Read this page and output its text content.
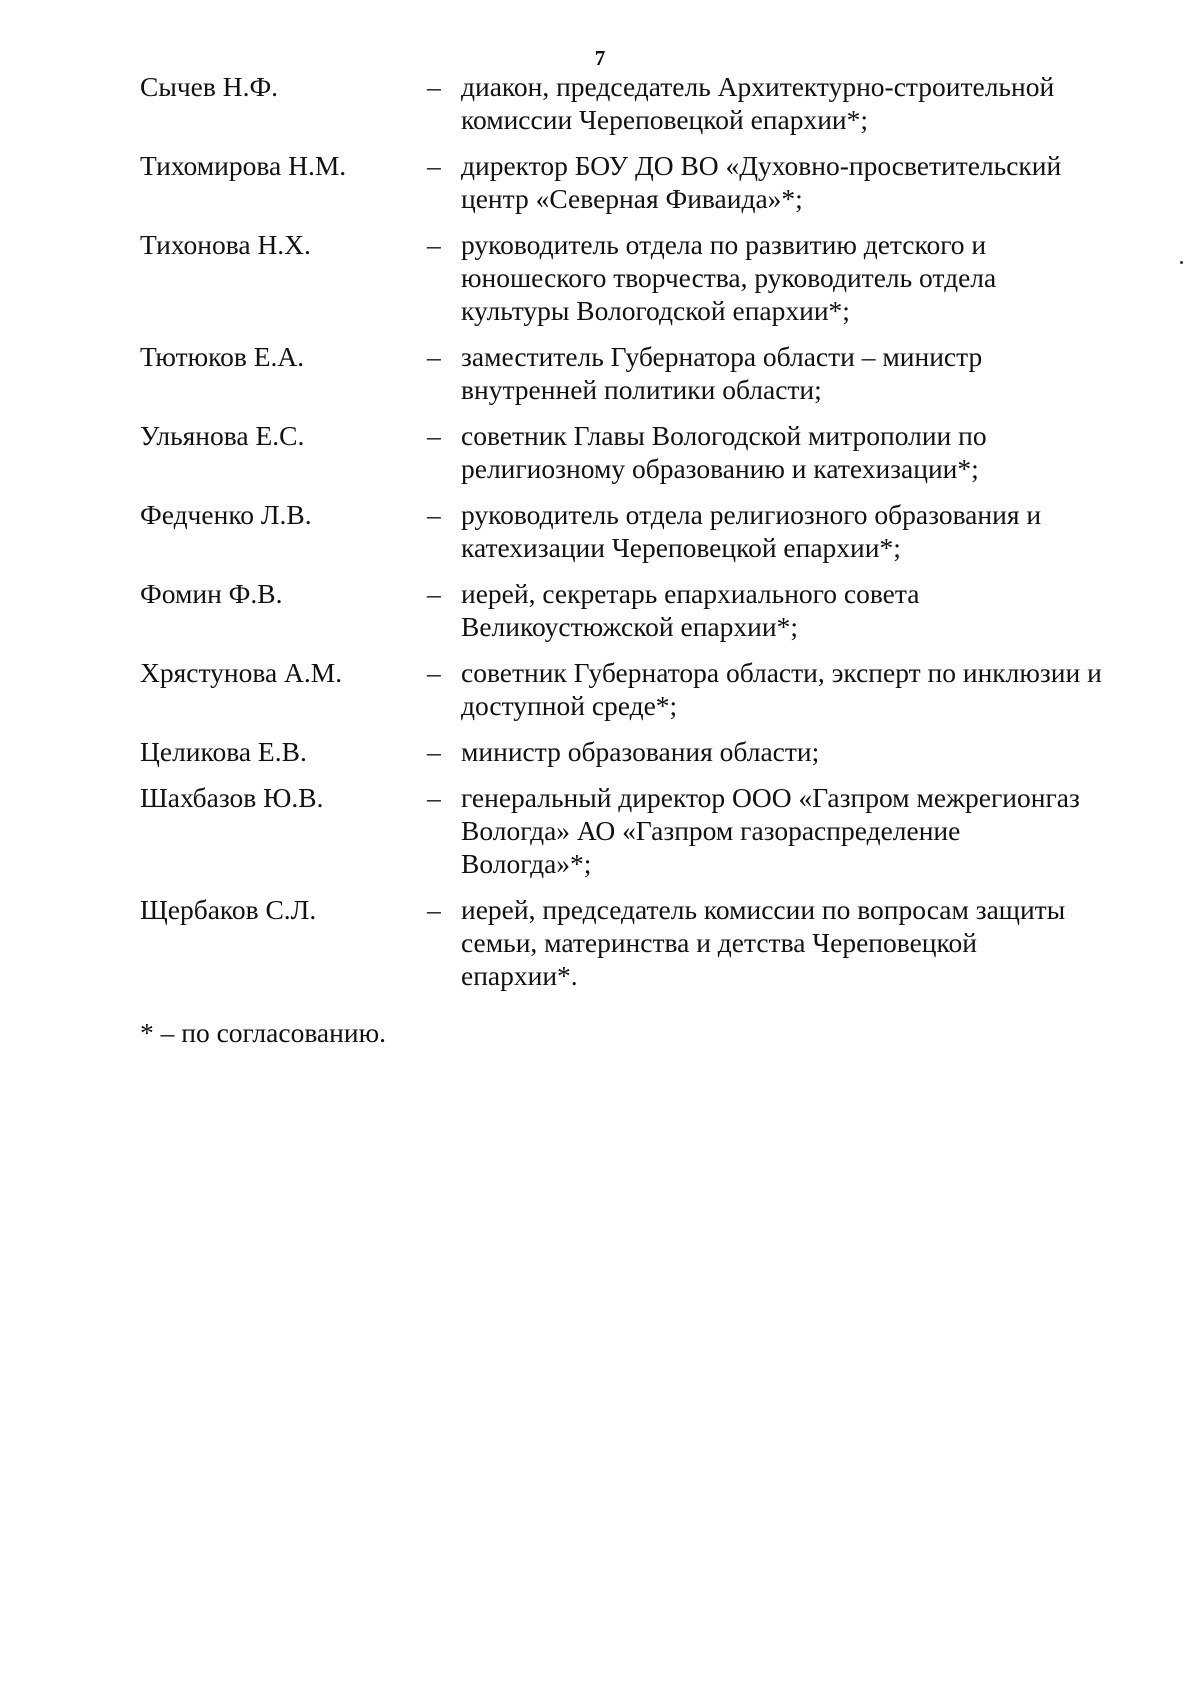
7
Сычев Н.Ф.	– диакон, председатель Архитектурно-строительной
комиссии Череповецкой епархии*;
Тихомирова Н.М.	– директор БОУ ДО ВО «Духовно-просветительский
центр «Северная Фиваида»*;
Тихонова Н.Х.	– руководитель отдела по развитию детского и
юношеского творчества, руководитель отдела
культуры Вологодской епархии*;
Тютюков Е.А.	– заместитель Губернатора области – министр
внутренней политики области;
Ульянова Е.С.	– советник Главы Вологодской митрополии по
религиозному образованию и катехизации*;
Федченко Л.В.	– руководитель отдела религиозного образования и
катехизации Череповецкой епархии*;
Фомин Ф.В.	– иерей, секретарь епархиального совета
Великоустюжской епархии*;
Хрястунова А.М.	– советник Губернатора области, эксперт по инклюзии и
доступной среде*;
Целикова Е.В.	– министр образования области;
Шахбазов Ю.В.	– генеральный директор ООО «Газпром межрегионгаз
Вологда» АО «Газпром газораспределение
Вологда»*;
Щербаков С.Л.	– иерей, председатель комиссии по вопросам защиты
семьи, материнства и детства Череповецкой
епархии*.
* – по согласованию.
